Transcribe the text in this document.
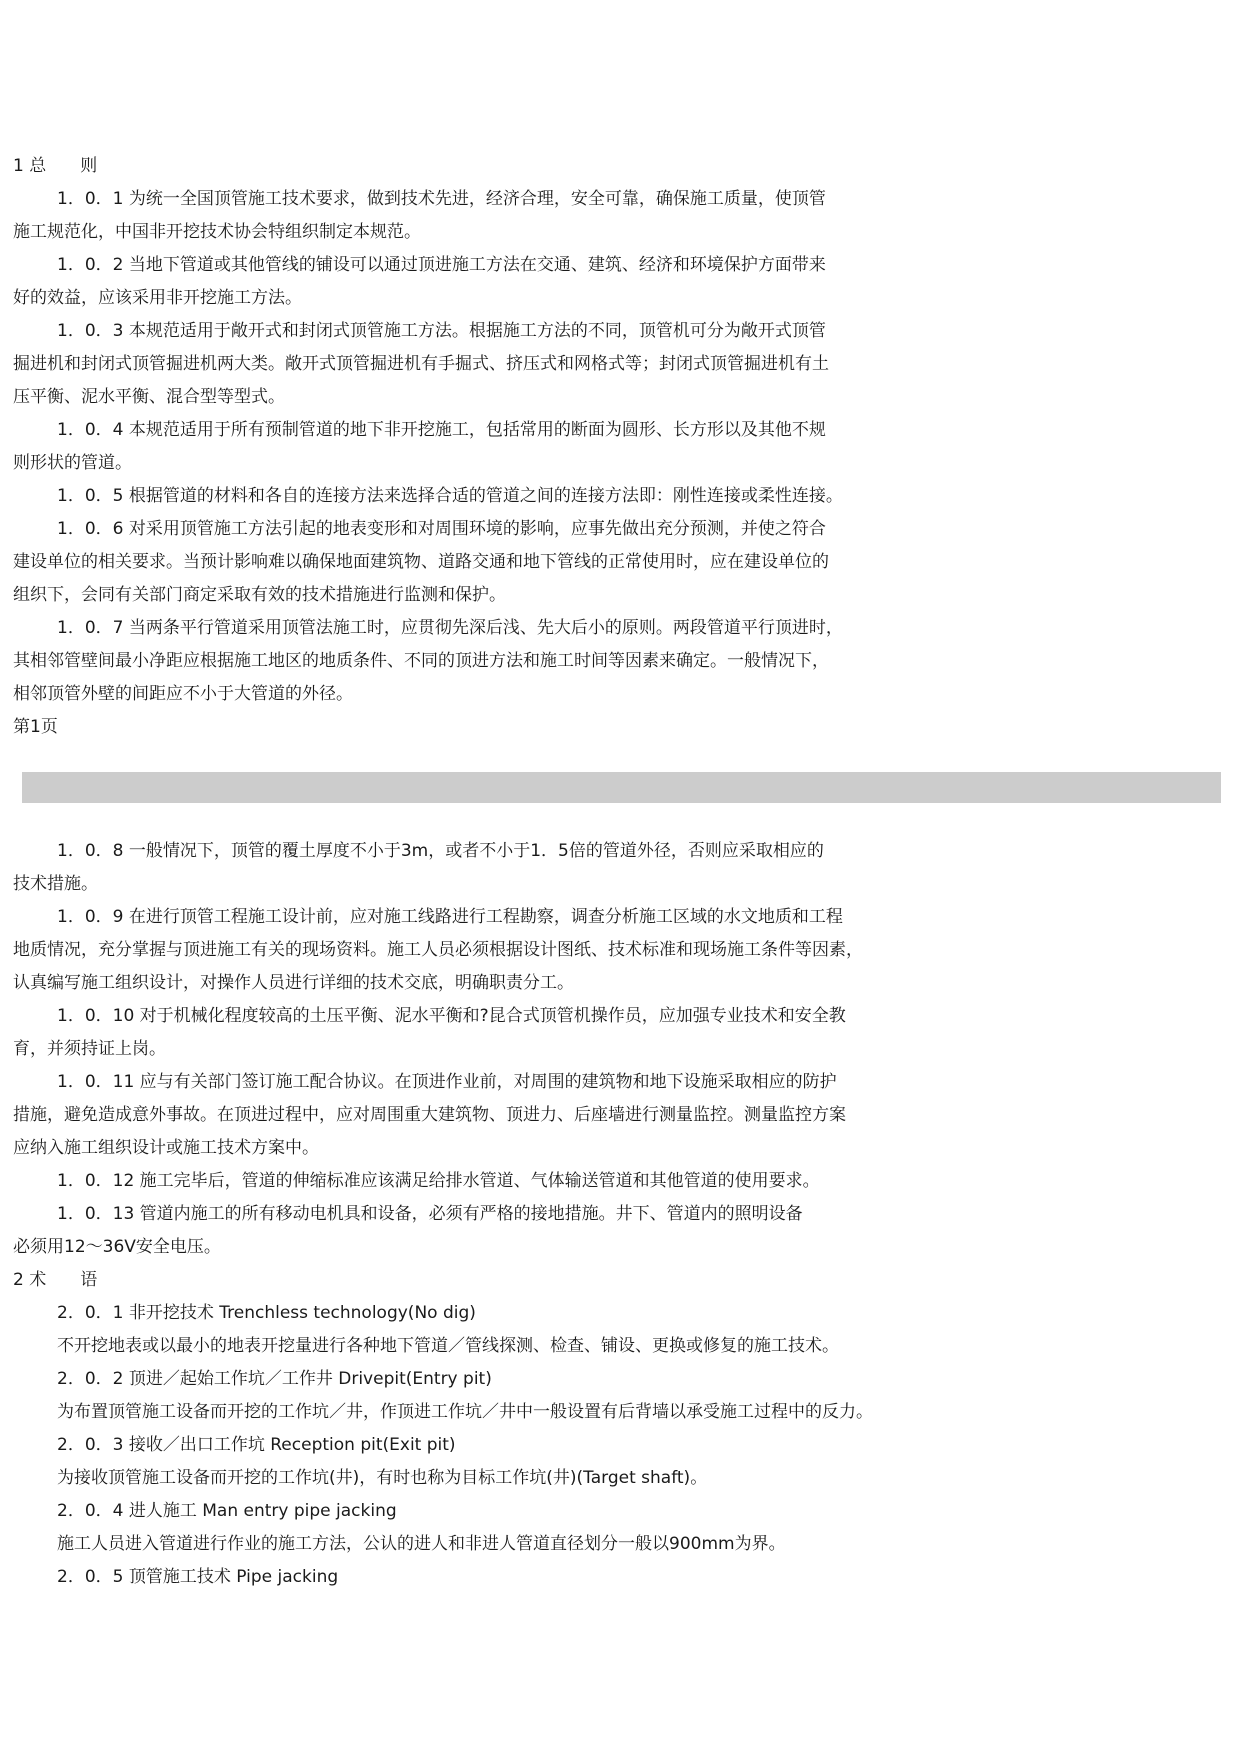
1 总　　则

1．0．1 为统一全国顶管施工技术要求，做到技术先进，经济合理，安全可靠，确保施工质量，使顶管

施工规范化，中国非开挖技术协会特组织制定本规范。

1．0．2 当地下管道或其他管线的铺设可以通过顶进施工方法在交通、建筑、经济和环境保护方面带来

好的效益，应该采用非开挖施工方法。

1．0．3 本规范适用于敞开式和封闭式顶管施工方法。根据施工方法的不同，顶管机可分为敞开式顶管

掘进机和封闭式顶管掘进机两大类。敞开式顶管掘进机有手掘式、挤压式和网格式等；封闭式顶管掘进机有土

压平衡、泥水平衡、混合型等型式。

1．0．4 本规范适用于所有预制管道的地下非开挖施工，包括常用的断面为圆形、长方形以及其他不规

则形状的管道。

1．0．5 根据管道的材料和各自的连接方法来选择合适的管道之间的连接方法即：刚性连接或柔性连接。

1．0．6 对采用顶管施工方法引起的地表变形和对周围环境的影响，应事先做出充分预测，并使之符合

建设单位的相关要求。当预计影响难以确保地面建筑物、道路交通和地下管线的正常使用时，应在建设单位的

组织下，会同有关部门商定采取有效的技术措施进行监测和保护。

1．0．7 当两条平行管道采用顶管法施工时，应贯彻先深后浅、先大后小的原则。两段管道平行顶进时，

其相邻管壁间最小净距应根据施工地区的地质条件、不同的顶进方法和施工时间等因素来确定。一般情况下，

相邻顶管外壁的间距应不小于大管道的外径。

第1页

1．0．8 一般情况下，顶管的覆土厚度不小于3m，或者不小于1．5倍的管道外径，否则应采取相应的

技术措施。

1．0．9 在进行顶管工程施工设计前，应对施工线路进行工程勘察，调查分析施工区域的水文地质和工程

地质情况，充分掌握与顶进施工有关的现场资料。施工人员必须根据设计图纸、技术标准和现场施工条件等因素，

认真编写施工组织设计，对操作人员进行详细的技术交底，明确职责分工。

1．0．10 对于机械化程度较高的土压平衡、泥水平衡和?昆合式顶管机操作员，应加强专业技术和安全教

育，并须持证上岗。

1．0．11 应与有关部门签订施工配合协议。在顶进作业前，对周围的建筑物和地下设施采取相应的防护

措施，避免造成意外事故。在顶进过程中，应对周围重大建筑物、顶进力、后座墙进行测量监控。测量监控方案

应纳入施工组织设计或施工技术方案中。

1．0．12 施工完毕后，管道的伸缩标准应该满足给排水管道、气体输送管道和其他管道的使用要求。

1．0．13 管道内施工的所有移动电机具和设备，必须有严格的接地措施。井下、管道内的照明设备

必须用12～36V安全电压。

2 术　　语

2．0．1 非开挖技术 Trenchless technology(No dig)

不开挖地表或以最小的地表开挖量进行各种地下管道／管线探测、检查、铺设、更换或修复的施工技术。

2．0．2 顶进／起始工作坑／工作井 Drivepit(Entry pit)

为布置顶管施工设备而开挖的工作坑／井，作顶进工作坑／井中一般设置有后背墙以承受施工过程中的反力。

2．0．3 接收／出口工作坑 Reception pit(Exit pit)

为接收顶管施工设备而开挖的工作坑(井)，有时也称为目标工作坑(井)(Target shaft)。

2．0．4 进人施工 Man entry pipe jacking

施工人员进入管道进行作业的施工方法，公认的进人和非进人管道直径划分一般以900mm为界。

2．0．5 顶管施工技术 Pipe jacking
